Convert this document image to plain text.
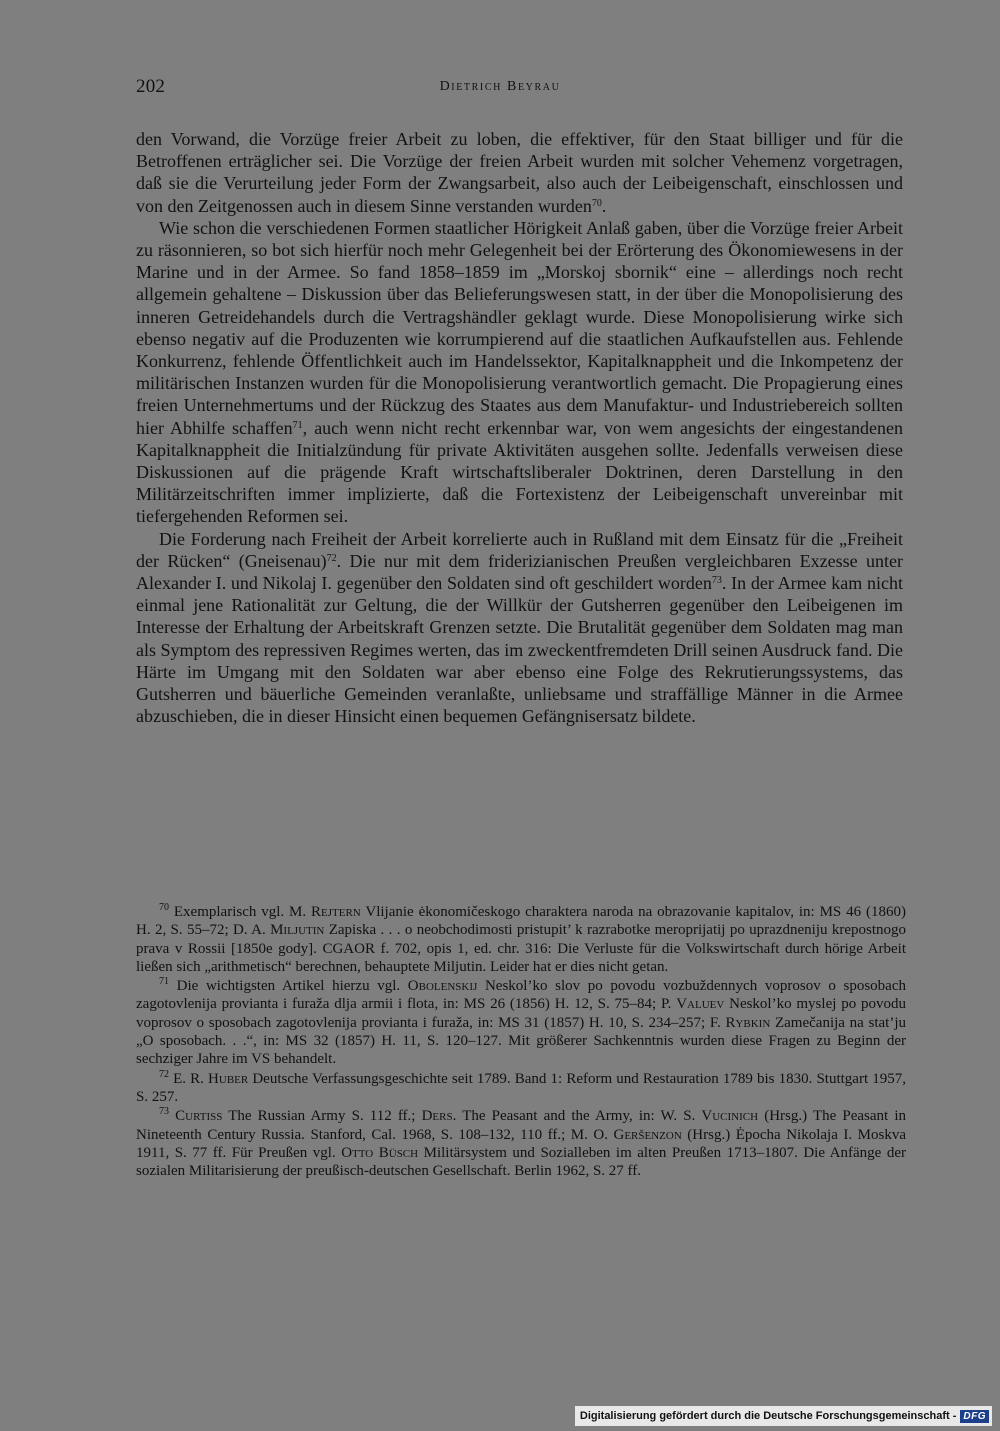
202	Dietrich Beyrau

den Vorwand, die Vorzüge freier Arbeit zu loben, die effektiver, für den Staat billiger und für die Betroffenen erträglicher sei. Die Vorzüge der freien Arbeit wurden mit solcher Vehemenz vorgetragen, daß sie die Verurteilung jeder Form der Zwangsarbeit, also auch der Leibeigenschaft, einschlossen und von den Zeitgenossen auch in diesem Sinne verstanden wurden$^{70}$.

Wie schon die verschiedenen Formen staatlicher Hörigkeit Anlaß gaben, über die Vorzüge freier Arbeit zu räsonnieren, so bot sich hierfür noch mehr Gelegenheit bei der Erörterung des Ökonomiewesens in der Marine und in der Armee. So fand 1858–1859 im „Morskoj sbornik“ eine – allerdings noch recht allgemein gehaltene – Diskussion über das Belieferungswesen statt, in der über die Monopolisierung des inneren Getreidehandels durch die Vertragshändler geklagt wurde. Diese Monopolisierung wirke sich ebenso negativ auf die Produzenten wie korrumpierend auf die staatlichen Aufkaufstellen aus. Fehlende Konkurrenz, fehlende Öffentlichkeit auch im Handelssektor, Kapitalknappheit und die Inkompetenz der militärischen Instanzen wurden für die Monopolisierung verantwortlich gemacht. Die Propagierung eines freien Unternehmertums und der Rückzug des Staates aus dem Manufaktur- und Industriebereich sollten hier Abhilfe schaffen$^{71}$, auch wenn nicht recht erkennbar war, von wem angesichts der eingestandenen Kapitalknappheit die Initialzündung für private Aktivitäten ausgehen sollte. Jedenfalls verweisen diese Diskussionen auf die prägende Kraft wirtschaftsliberaler Doktrinen, deren Darstellung in den Militärzeitschriften immer implizierte, daß die Fortexistenz der Leibeigenschaft unvereinbar mit tiefergehenden Reformen sei.

Die Forderung nach Freiheit der Arbeit korrelierte auch in Rußland mit dem Einsatz für die „Freiheit der Rücken“ (Gneisenau)$^{72}$. Die nur mit dem friderizianischen Preußen vergleichbaren Exzesse unter Alexander I. und Nikolaj I. gegenüber den Soldaten sind oft geschildert worden$^{73}$. In der Armee kam nicht einmal jene Rationalität zur Geltung, die der Willkür der Gutsherren gegenüber den Leibeigenen im Interesse der Erhaltung der Arbeitskraft Grenzen setzte. Die Brutalität gegenüber dem Soldaten mag man als Symptom des repressiven Regimes werten, das im zweckentfremdeten Drill seinen Ausdruck fand. Die Härte im Umgang mit den Soldaten war aber ebenso eine Folge des Rekrutierungssystems, das Gutsherren und bäuerliche Gemeinden veranlaßte, unliebsame und straffällige Männer in die Armee abzuschieben, die in dieser Hinsicht einen bequemen Gefängnisersatz bildete.

$^{70}$ Exemplarisch vgl. M. Rejtern Vlijanie ėkonomičeskogo charaktera naroda na obrazovanie kapitalov, in: MS 46 (1860) H. 2, S. 55–72; D. A. Miljutin Zapiska . . . o neobchodimosti pristupit’ k razrabotke meroprijatij po uprazdneniju krepostnogo prava v Rossii [1850e gody]. CGAOR f. 702, opis 1, ed. chr. 316: Die Verluste für die Volkswirtschaft durch hörige Arbeit ließen sich „arithmetisch“ berechnen, behauptete Miljutin. Leider hat er dies nicht getan.

$^{71}$ Die wichtigsten Artikel hierzu vgl. Obolenskij Neskol’ko slov po povodu vozbuždennych voprosov o sposobach zagotovlenija provianta i furaža dlja armii i flota, in: MS 26 (1856) H. 12, S. 75–84; P. Valuev Neskol’ko myslej po povodu voprosov o sposobach zagotovlenija provianta i furaža, in: MS 31 (1857) H. 10, S. 234–257; F. Rybkin Zamečanija na stat’ju „O sposobach. . .“, in: MS 32 (1857) H. 11, S. 120–127. Mit größerer Sachkenntnis wurden diese Fragen zu Beginn der sechziger Jahre im VS behandelt.

$^{72}$ E. R. Huber Deutsche Verfassungsgeschichte seit 1789. Band 1: Reform und Restauration 1789 bis 1830. Stuttgart 1957, S. 257.

$^{73}$ Curtiss The Russian Army S. 112 ff.; Ders. The Peasant and the Army, in: W. S. Vucinich (Hrsg.) The Peasant in Nineteenth Century Russia. Stanford, Cal. 1968, S. 108–132, 110 ff.; M. O. Geršenzon (Hrsg.) Ėpocha Nikolaja I. Moskva 1911, S. 77 ff. Für Preußen vgl. Otto Büsch Militärsystem und Sozialleben im alten Preußen 1713–1807. Die Anfänge der sozialen Militarisierung der preußisch-deutschen Gesellschaft. Berlin 1962, S. 27 ff.

Digitalisierung gefördert durch die Deutsche Forschungsgemeinschaft - DFG
